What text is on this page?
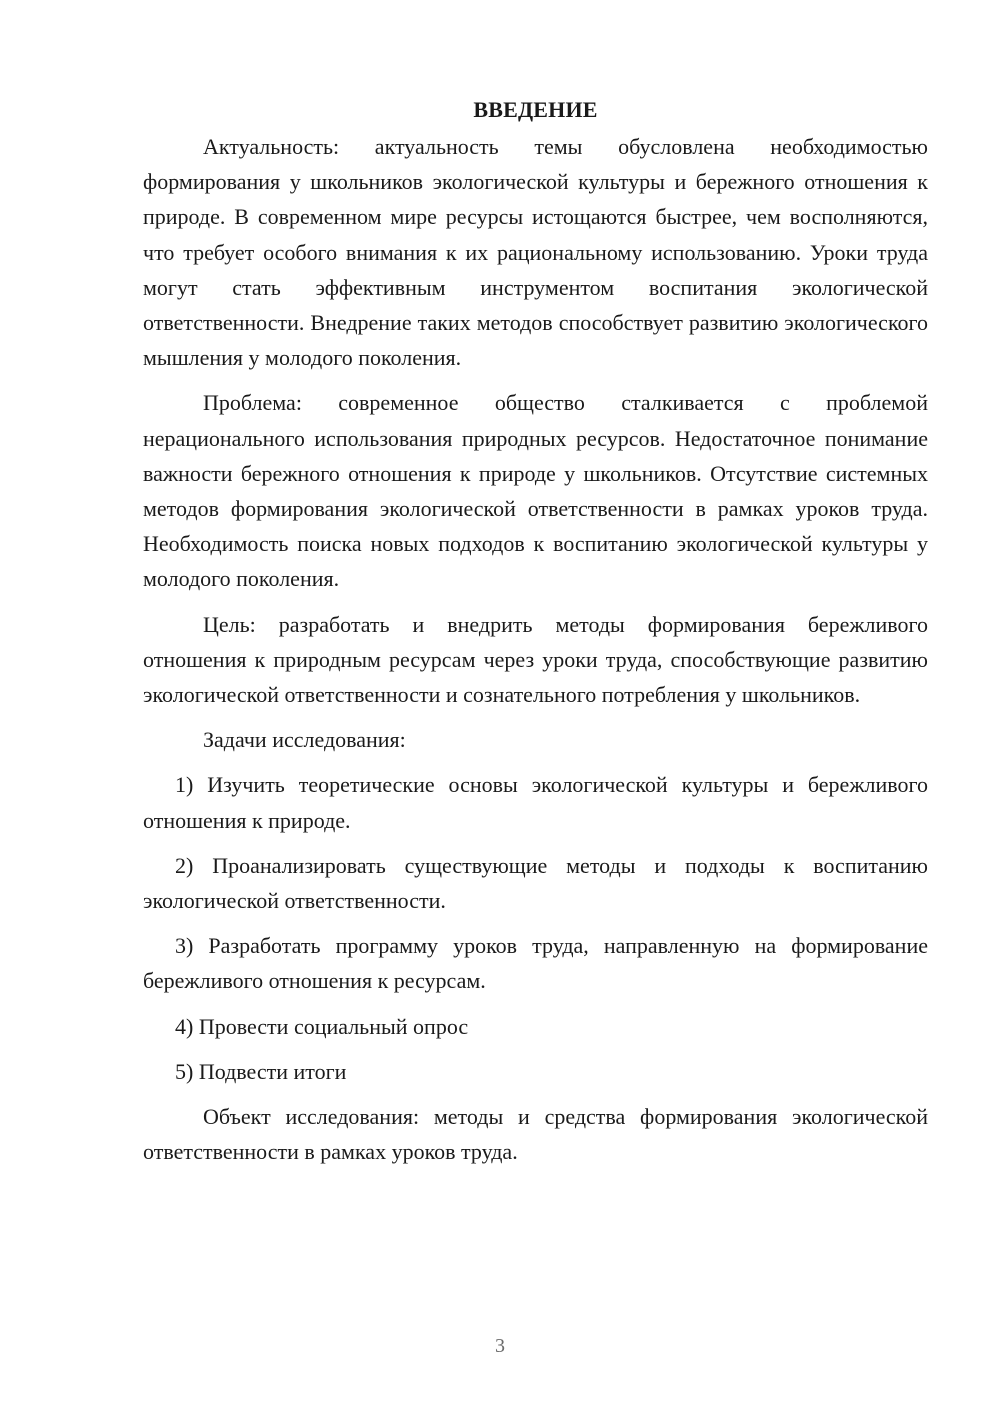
ВВЕДЕНИЕ

Актуальность: актуальность темы обусловлена необходимостью формирования у школьников экологической культуры и бережного отношения к природе. В современном мире ресурсы истощаются быстрее, чем восполняются, что требует особого внимания к их рациональному использованию. Уроки труда могут стать эффективным инструментом воспитания экологической ответственности. Внедрение таких методов способствует развитию экологического мышления у молодого поколения.

Проблема: современное общество сталкивается с проблемой нерационального использования природных ресурсов. Недостаточное понимание важности бережного отношения к природе у школьников. Отсутствие системных методов формирования экологической ответственности в рамках уроков труда. Необходимость поиска новых подходов к воспитанию экологической культуры у молодого поколения.

Цель: разработать и внедрить методы формирования бережливого отношения к природным ресурсам через уроки труда, способствующие развитию экологической ответственности и сознательного потребления у школьников.

Задачи исследования:

1) Изучить теоретические основы экологической культуры и бережливого отношения к природе.

2) Проанализировать существующие методы и подходы к воспитанию экологической ответственности.

3) Разработать программу уроков труда, направленную на формирование бережливого отношения к ресурсам.

4) Провести социальный опрос

5) Подвести итоги

Объект исследования: методы и средства формирования экологической ответственности в рамках уроков труда.

3
